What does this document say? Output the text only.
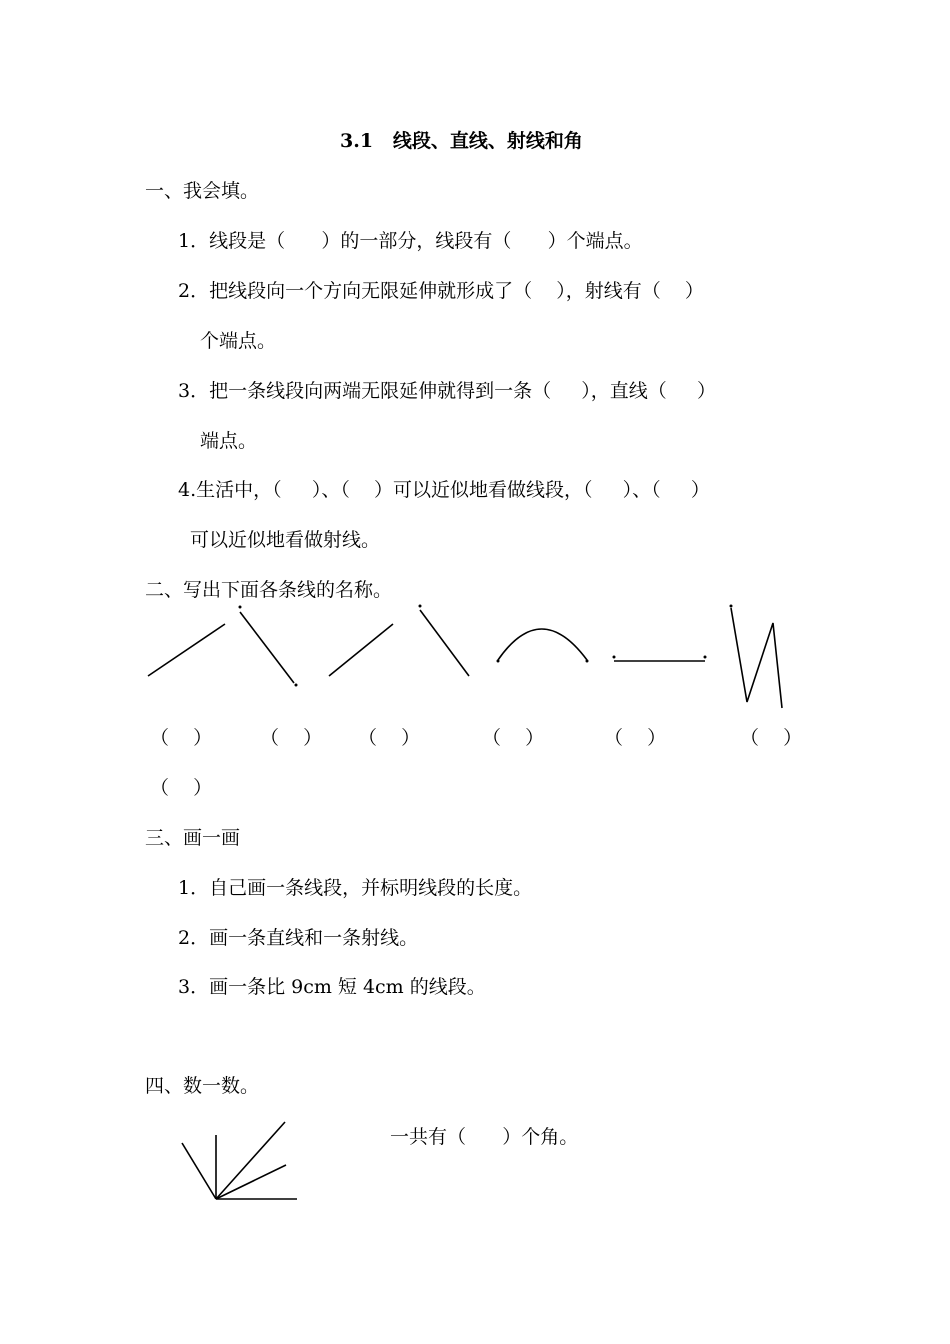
3.1   线段、直线、射线和角
一、我会填。
1．线段是（      ）的一部分，线段有（      ）个端点。
2．把线段向一个方向无限延伸就形成了（    ），射线有（    ）
个端点。
3．把一条线段向两端无限延伸就得到一条（     ），直线（     ）
端点。
4.生活中，（     ）、（    ）可以近似地看做线段，（     ）、（     ）
可以近似地看做射线。
二、写出下面各条线的名称。
（    ）	（    ） （    ）	（    ）	（    ）	（    ）
（    ）
三、画一画
1．自己画一条线段，并标明线段的长度。
2．画一条直线和一条射线。
3．画一条比 9cm 短 4cm 的线段。
四、数一数。
一共有（      ）个角。
